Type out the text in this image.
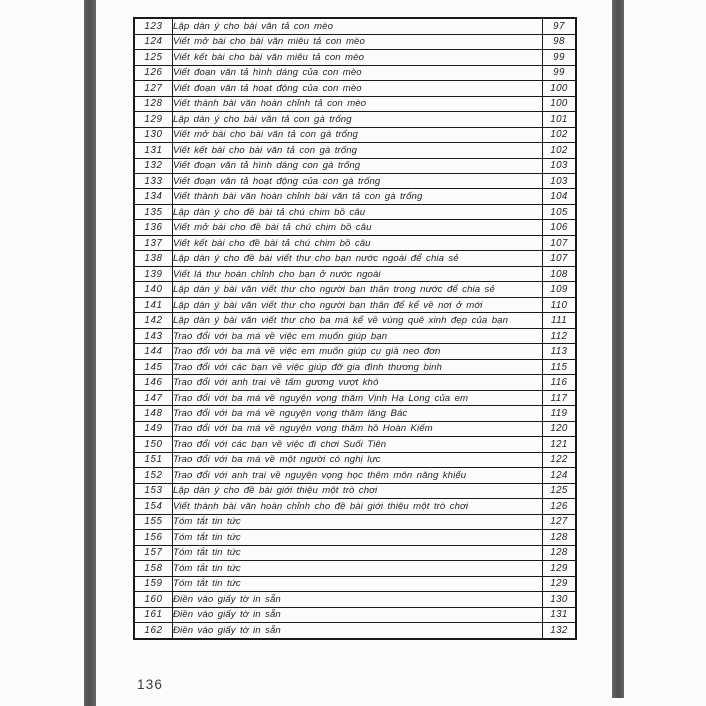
123	Lập dàn ý cho bài văn tả con mèo	97
124	Viết mở bài cho bài văn miêu tả con mèo	98
125	Viết kết bài cho bài văn miêu tả con mèo	99
126	Viết đoạn văn tả hình dáng của con mèo	99
127	Viết đoạn văn tả hoạt động của con mèo	100
128	Viết thành bài văn hoàn chỉnh tả con mèo	100
129	Lập dàn ý cho bài văn tả con gà trống	101
130	Viết mở bài cho bài văn tả con gà trống	102
131	Viết kết bài cho bài văn tả con gà trống	102
132	Viết đoạn văn tả hình dáng con gà trống	103
133	Viết đoạn văn tả hoạt động của con gà trống	103
134	Viết thành bài văn hoàn chỉnh bài văn tả con gà trống	104
135	Lập dàn ý cho đề bài tả chú chim bồ câu	105
136	Viết mở bài cho đề bài tả chú chim bồ câu	106
137	Viết kết bài cho đề bài tả chú chim bồ câu	107
138	Lập dàn ý cho đề bài viết thư cho bạn nước ngoài để chia sẻ	107
139	Viết lá thư hoàn chỉnh cho bạn ở nước ngoài	108
140	Lập dàn ý bài văn viết thư cho người bạn thân trong nước để chia sẻ	109
141	Lập dàn ý bài văn viết thư cho người bạn thân để kể về nơi ở mới	110
142	Lập dàn ý bài văn viết thư cho ba má kể về vùng quê xinh đẹp của bạn	111
143	Trao đổi với ba má về việc em muốn giúp bạn	112
144	Trao đổi với ba má về việc em muốn giúp cụ già neo đơn	113
145	Trao đổi với các bạn về việc giúp đỡ gia đình thương binh	115
146	Trao đổi với anh trai về tấm gương vượt khó	116
147	Trao đổi với ba má về nguyện vọng thăm Vịnh Hạ Long của em	117
148	Trao đổi với ba má về nguyện vọng thăm lăng Bác	119
149	Trao đổi với ba má về nguyện vọng thăm hồ Hoàn Kiếm	120
150	Trao đổi với các bạn về việc đi chơi Suối Tiên	121
151	Trao đổi với ba má về một người có nghị lực	122
152	Trao đổi với anh trai về nguyện vọng học thêm môn năng khiếu	124
153	Lập dàn ý cho đề bài giới thiệu một trò chơi	125
154	Viết thành bài văn hoàn chỉnh cho đề bài giới thiệu một trò chơi	126
155	Tóm tắt tin tức	127
156	Tóm tắt tin tức	128
157	Tóm tắt tin tức	128
158	Tóm tắt tin tức	129
159	Tóm tắt tin tức	129
160	Điền vào giấy tờ in sẵn	130
161	Điền vào giấy tờ in sẵn	131
162	Điền vào giấy tờ in sẵn	132
136
